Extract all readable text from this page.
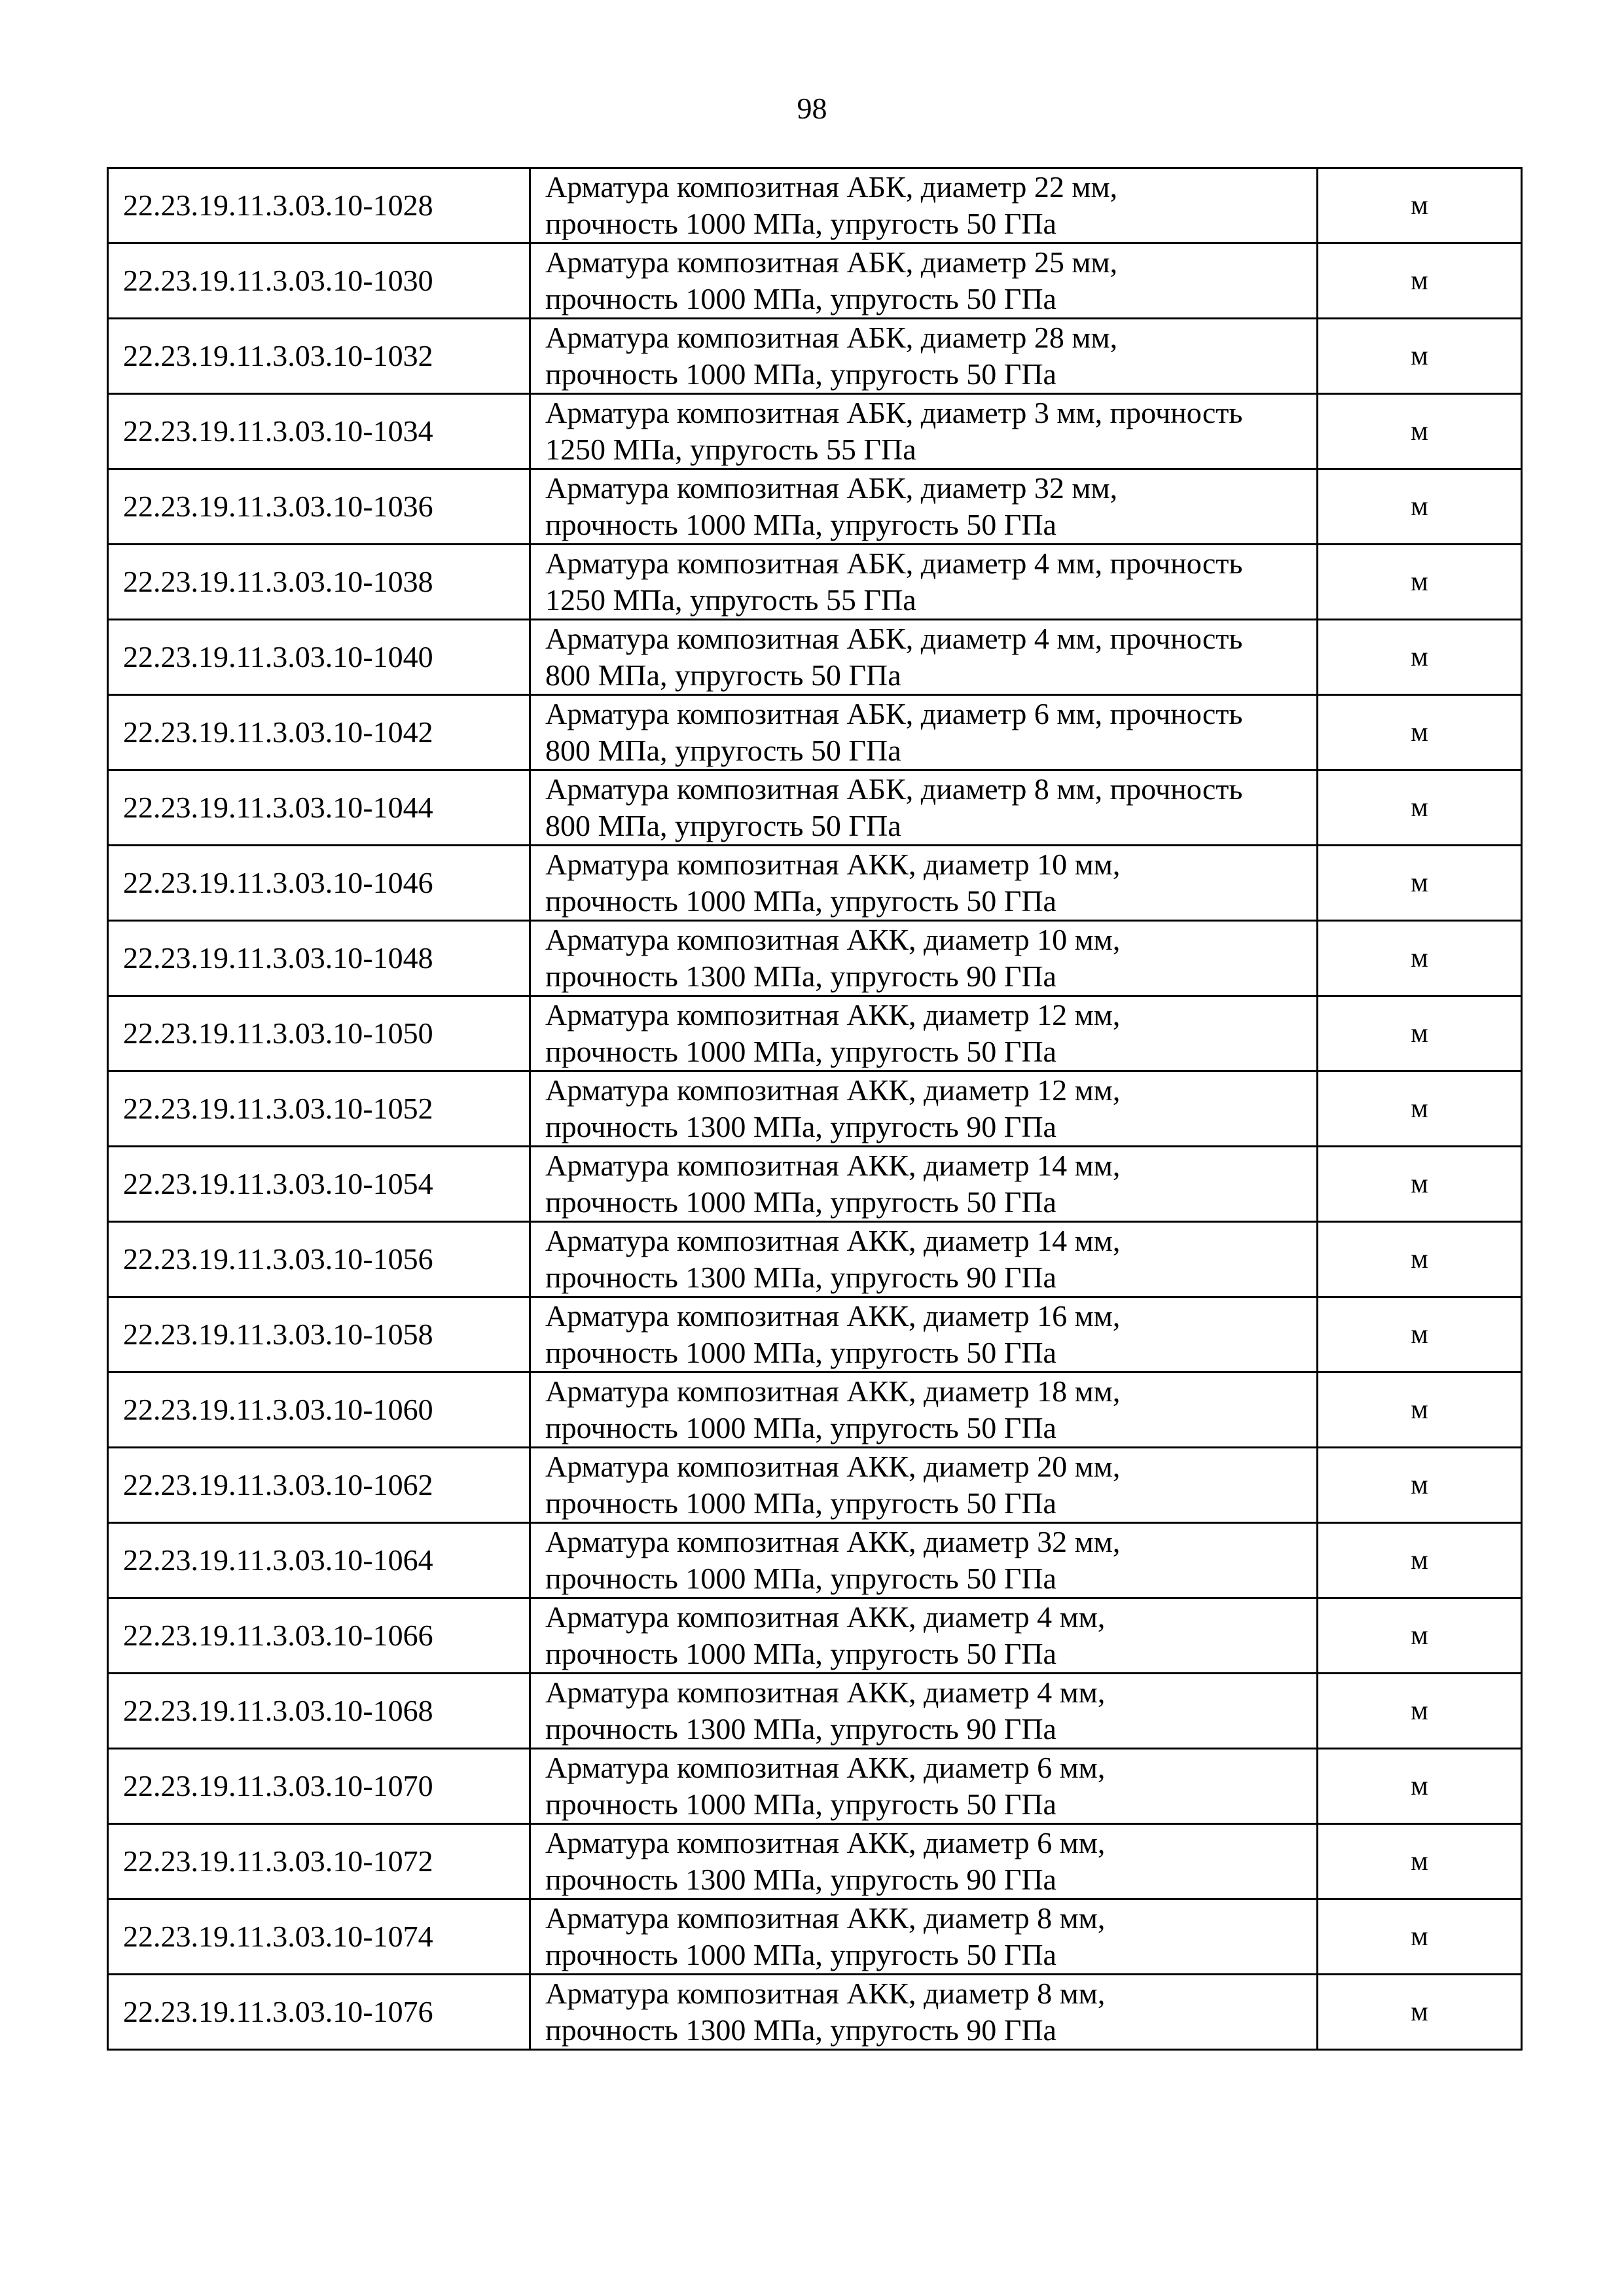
98
22.23.19.11.3.03.10-1028	Арматура композитная АБК, диаметр 22 мм,
прочность 1000 МПа, упругость 50 ГПа	м
22.23.19.11.3.03.10-1030	Арматура композитная АБК, диаметр 25 мм,
прочность 1000 МПа, упругость 50 ГПа	м
22.23.19.11.3.03.10-1032	Арматура композитная АБК, диаметр 28 мм,
прочность 1000 МПа, упругость 50 ГПа	м
22.23.19.11.3.03.10-1034	Арматура композитная АБК, диаметр 3 мм, прочность
1250 МПа, упругость 55 ГПа	м
22.23.19.11.3.03.10-1036	Арматура композитная АБК, диаметр 32 мм,
прочность 1000 МПа, упругость 50 ГПа	м
22.23.19.11.3.03.10-1038	Арматура композитная АБК, диаметр 4 мм, прочность
1250 МПа, упругость 55 ГПа	м
22.23.19.11.3.03.10-1040	Арматура композитная АБК, диаметр 4 мм, прочность
800 МПа, упругость 50 ГПа	м
22.23.19.11.3.03.10-1042	Арматура композитная АБК, диаметр 6 мм, прочность
800 МПа, упругость 50 ГПа	м
22.23.19.11.3.03.10-1044	Арматура композитная АБК, диаметр 8 мм, прочность
800 МПа, упругость 50 ГПа	м
22.23.19.11.3.03.10-1046	Арматура композитная АКК, диаметр 10 мм,
прочность 1000 МПа, упругость 50 ГПа	м
22.23.19.11.3.03.10-1048	Арматура композитная АКК, диаметр 10 мм,
прочность 1300 МПа, упругость 90 ГПа	м
22.23.19.11.3.03.10-1050	Арматура композитная АКК, диаметр 12 мм,
прочность 1000 МПа, упругость 50 ГПа	м
22.23.19.11.3.03.10-1052	Арматура композитная АКК, диаметр 12 мм,
прочность 1300 МПа, упругость 90 ГПа	м
22.23.19.11.3.03.10-1054	Арматура композитная АКК, диаметр 14 мм,
прочность 1000 МПа, упругость 50 ГПа	м
22.23.19.11.3.03.10-1056	Арматура композитная АКК, диаметр 14 мм,
прочность 1300 МПа, упругость 90 ГПа	м
22.23.19.11.3.03.10-1058	Арматура композитная АКК, диаметр 16 мм,
прочность 1000 МПа, упругость 50 ГПа	м
22.23.19.11.3.03.10-1060	Арматура композитная АКК, диаметр 18 мм,
прочность 1000 МПа, упругость 50 ГПа	м
22.23.19.11.3.03.10-1062	Арматура композитная АКК, диаметр 20 мм,
прочность 1000 МПа, упругость 50 ГПа	м
22.23.19.11.3.03.10-1064	Арматура композитная АКК, диаметр 32 мм,
прочность 1000 МПа, упругость 50 ГПа	м
22.23.19.11.3.03.10-1066	Арматура композитная АКК, диаметр 4 мм,
прочность 1000 МПа, упругость 50 ГПа	м
22.23.19.11.3.03.10-1068	Арматура композитная АКК, диаметр 4 мм,
прочность 1300 МПа, упругость 90 ГПа	м
22.23.19.11.3.03.10-1070	Арматура композитная АКК, диаметр 6 мм,
прочность 1000 МПа, упругость 50 ГПа	м
22.23.19.11.3.03.10-1072	Арматура композитная АКК, диаметр 6 мм,
прочность 1300 МПа, упругость 90 ГПа	м
22.23.19.11.3.03.10-1074	Арматура композитная АКК, диаметр 8 мм,
прочность 1000 МПа, упругость 50 ГПа	м
22.23.19.11.3.03.10-1076	Арматура композитная АКК, диаметр 8 мм,
прочность 1300 МПа, упругость 90 ГПа	м
